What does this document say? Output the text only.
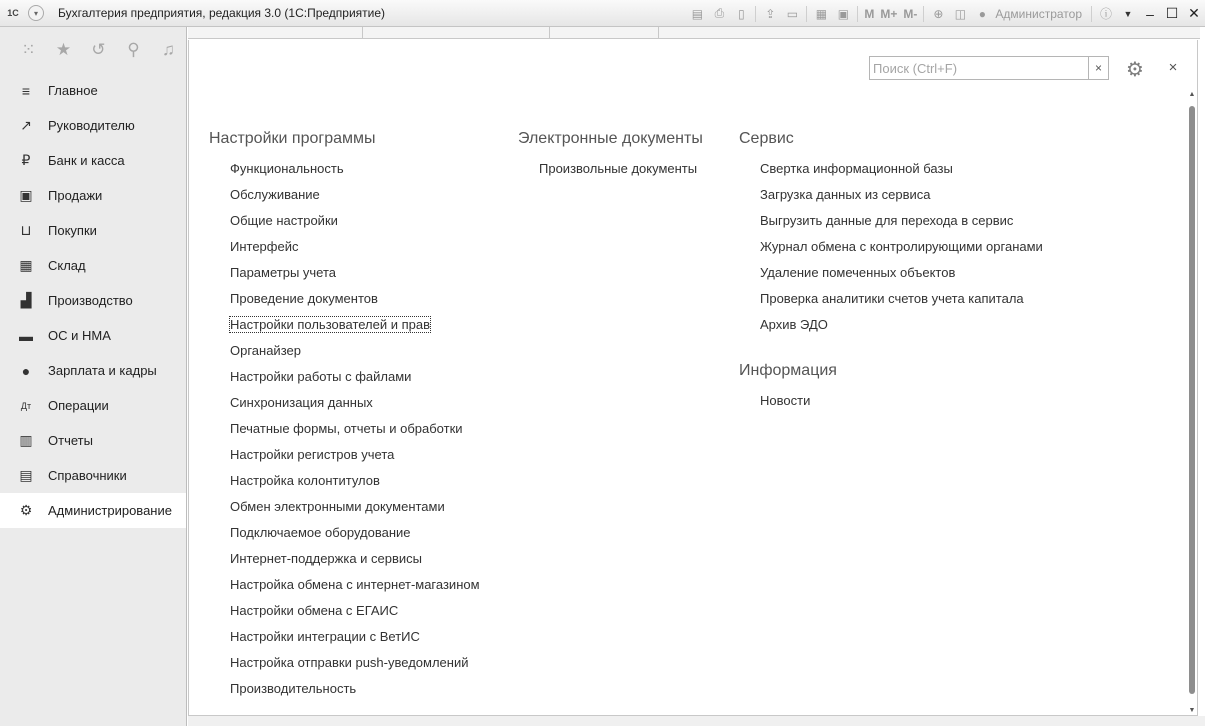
1С	▾	Бухгалтерия предприятия, редакция 3.0 (1С:Предприятие)	▤ ⎙	▯	⇪ ▭ ▦ ▣ M M+ M-	⊕ ◫	● Администратор ⓘ	▼ – ☐ ✕
⁙	★	↺	⚲	♫
≡	Главное
↗ Руководителю
₽	Банк и касса
▣ Продажи
⊔ Покупки
▦ Склад
▟ Производство
▬ ОС и НМА
●	Зарплата и кадры
Дт Операции
▥ Отчеты
▤ Справочники
⚙ Администрирование
Поиск (Ctrl+F)
×	⚙	×
Настройки программы
Функциональность
Обслуживание
Общие настройки
Интерфейс
Параметры учета
Проведение документов
Настройки пользователей и прав
Органайзер
Настройки работы с файлами
Синхронизация данных
Печатные формы, отчеты и обработки
Настройки регистров учета
Настройка колонтитулов
Обмен электронными документами
Подключаемое оборудование
Интернет-поддержка и сервисы
Настройка обмена с интернет-магазином
Настройки обмена с ЕГАИС
Настройки интеграции с ВетИС
Настройка отправки push-уведомлений
Производительность
Электронные документы
Произвольные документы
Сервис
Свертка информационной базы
Загрузка данных из сервиса
Выгрузить данные для перехода в сервис
Журнал обмена с контролирующими органами
Удаление помеченных объектов
Проверка аналитики счетов учета капитала
Архив ЭДО
Информация
Новости
▲
▼
